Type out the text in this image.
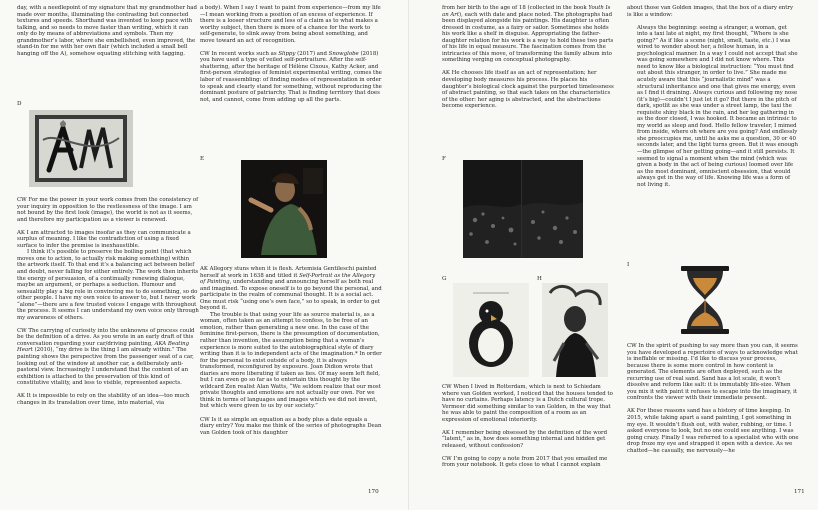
day, with a needlepoint of my signature that my grandmother had made over months, illuminating the contrasting but connected textures and speeds. Shorthand was invented to keep pace with talking, and so needs to move faster than writing, which it can only do by means of abbreviations and symbols. Then my grandmother’s labor, where she embellished, even improved, the stand-in for me with her own flair (which included a small bell hanging off the A), somehow equating stitching with tagging.

D

CW For me the power in your work comes from the consistency of your inquiry in opposition to the restlessness of the image. I am not bound by the first look (image), the world is not as it seems, and therefore my participation as a viewer is renewed.

AK I am attracted to images insofar as they can communicate a surplus of meaning. I like the contradiction of using a fixed surface to infer the premise is inexhaustible.

I think it’s possible to preserve the boiling point (that which moves one to action, to actually risk making something) within the artwork itself. To that end it’s a balancing act between belief and doubt, never falling for either entirely. The work then inherits the energy of persuasion, of a continually renewing dialogue, maybe an argument, or perhaps a seduction. Humour and sensuality play a big role in convincing me to do something, so do other people. I have my own voice to answer to, but I never work “alone”—there are a few trusted voices I engage with throughout the process. It seems I can understand my own voice only through my awareness of others.

CW The carrying of curiosity into the unknowns of process could be the definition of a drive. As you wrote in an early draft of this conversation regarding your car/driving painting, AKA Beating Heart (2010), “my drive is the thing I am already within.” The painting shows the perspective from the passenger seat of a car, looking out of the window at another car, a deliberately anti-pastoral view. Increasingly I understand that the content of an exhibition is attached to the preservation of this kind of constitutive vitality, and less to visible, represented aspects.

AK It is impossible to rely on the stability of an idea—too much changes in its translation over time, into material, via

a body). When I say I want to paint from experience—from my life—I mean working from a position of an excess of experience. If there is a looser structure and less of a claim as to what makes a worthy subject, then there is more of a chance for the work to self-generate, to slink away from being about something, and move toward an act of recognition.

CW In recent works such as Slippy (2017) and Snowglobe (2018) you have used a type of veiled self-portraiture. After the self-shattering, after the heritage of Hélène Cixous, Kathy Acker, and first-person strategies of feminist experimental writing, comes the labor of reassembling: of finding modes of representation in order to speak and clearly stand for something, without reproducing the dominant posture of patriarchy. That is finding territory that does not, and cannot, come from adding up all the parts.

E

AK Allegory stuns when it is flesh. Artemisia Gentileschi painted herself at work in 1638 and titled it Self-Portrait as the Allegory of Painting, understanding and announcing herself as both real and imagined. To expose oneself is to go beyond the personal, and participate in the realm of communal thought. It is a social act. One must risk “using one’s own face,” so to speak, in order to get beyond it.

The trouble is that using your life as source material is, as a woman, often taken as an attempt to confess, to be free of an emotion, rather than generating a new one. In the case of the feminine first-person, there is the presumption of documentation, rather than invention, the assumption being that a woman’s experience is more suited to the autobiographical style of diary writing than it is to independent acts of the imagination.* In order for the personal to exist outside of a body, it is always transformed, reconfigured by exposure. Joan Didion wrote that diaries are more liberating if taken as lies. Of may seem left field, but I can even go so far as to entertain this thought by the wildcard Zen realist Alan Watts, “We seldom realize that our most private thoughts and emotions are not actually our own. For we think in terms of languages and images which we did not invent, but which were given to us by our society.”

CW Is it as simple an equation as a body plus a date equals a diary entry? You make me think of the series of photographs Dean van Golden took of his daughter

170

from her birth to the age of 18 (collected in the book Youth Is an Art), each with date and place noted. The photographs had been displayed alongside his paintings. His daughter is often dressed in costume, as a fairy or sailor. Sometimes she holds his work like a shelf in disguise. Appropriating the father-daughter relation for his work is a way to hold these two parts of his life in equal measure. The fascination comes from the intricacies of this move, of transforming the family album into something verging on conceptual photography.

AK He chooses life itself as an act of representation; her developing body measures his process. He places his daughter’s biological clock against the purported timelessness of abstract painting, so that each takes on the characteristics of the other: her aging is abstracted, and the abstractions become experience.

F
G	H

CW When I lived in Rotterdam, which is next to Schiedam where van Golden worked, I noticed that the houses tended to have no curtains. Perhaps latency is a Dutch cultural trope. Vermeer did something similar to van Golden, in the way that he was able to paint the composition of a room as an expression of emotional interiority.

AK I remember being obsessed by the definition of the word “latent,” as in, how does something internal and hidden get released, without confession?

CW I’m going to copy a note from 2017 that you emailed me from your notebook. It gets close to what I cannot explain

about those van Golden images, that the box of a diary entry is like a window:

Always the beginning: seeing a stranger, a woman, get into a taxi late at night, my first thought, “Where is she going?” As if like a scene (night, smell, taste, etc.) I was wired to wonder about her, a fellow human, in a psychological manner. In a way I could not accept that she was going somewhere and I did not know where. This need to know like a biological instruction: “You must find out about this stranger, in order to live.” She made me acutely aware that this “journalistic mind” was a structural inheritance and one that gives me energy, even as I find it draining. Always curious and following my nose (it’s big)—couldn’t I just let it go? But there in the pitch of dark, spotlit as she was under a street lamp, the taxi the requisite shiny black in the rain, and her leg gathering in as the door closed, I was hooked. It became an intrinsic to my world as sleep and food. Hello fellow traveler, I mimed from inside, where oh where are you going? And endlessly she preoccupies me, until he asks me a question, 30 or 40 seconds later, and the light turns green. But it was enough—the glimpse of her getting going—and it still persists. It seemed to signal a moment when the mind (which was given a body in the act of being curious) loomed over life as the most dominant, omniscient obsession, that would always get in the way of life. Knowing life was a form of not living it.

I

CW In the spirit of pushing to say more than you can, it seems you have developed a repertoire of ways to acknowledge what is ineffable or missing. I’d like to discuss your process, because there is some more control in how content is generated. The elements are often deployed, such as the recurring use of real sand. Sand has a lot scale, it won’t dissolve and reform like salt: it is immutably life-size. When you mix it with paint it refuses to escape into the imaginary, it confronts the viewer with their immediate present.

AK For these reasons sand has a history of time keeping. In 2015, while taking apart a sand painting, I got something in my eye. It wouldn’t flush out, with water, rubbing, or time. I asked everyone to look, but no one could see anything. I was going crazy. Finally I was referred to a specialist who with one drop froze my eye and strapped it open with a device. As we chatted—he casually, me nervously—he

171
